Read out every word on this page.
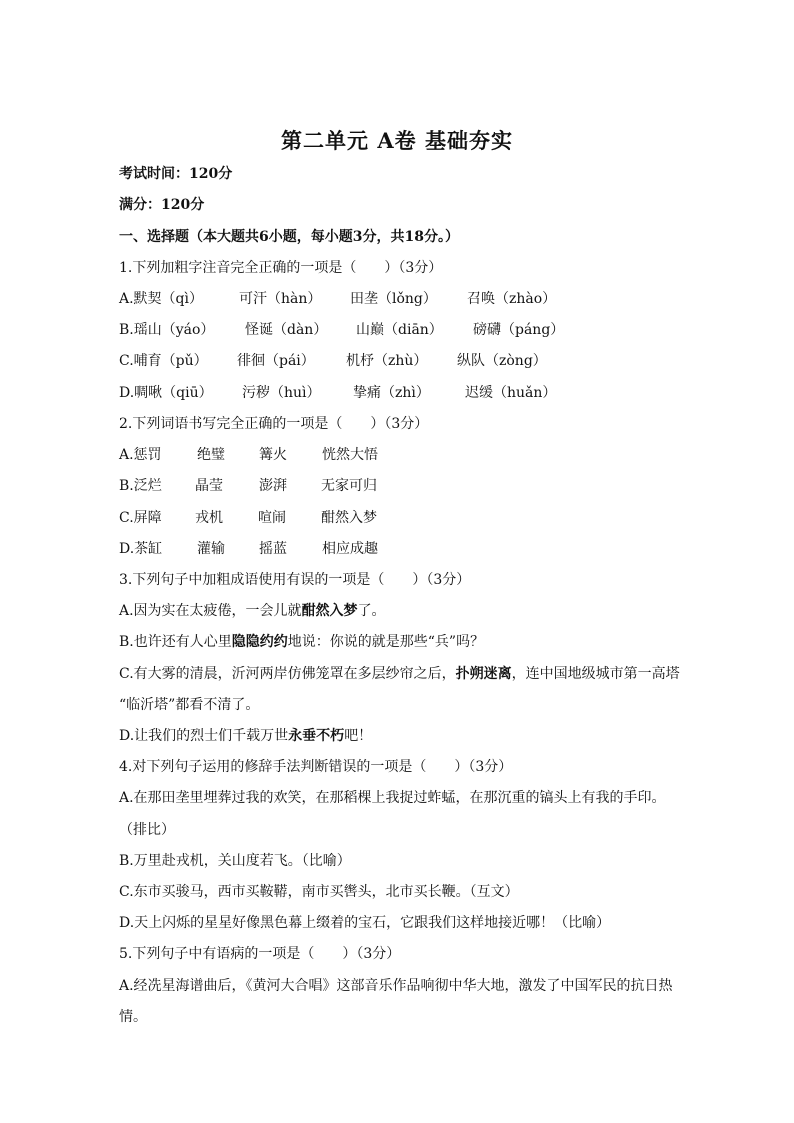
第二单元 A卷 基础夯实
考试时间：120分
满分：120分
一、选择题（本大题共6小题，每小题3分，共18分。）
1.下列加粗字注音完全正确的一项是（　　）（3分）
A.默契（qì）	可汗（hàn） 田垄（lǒng） 召唤（zhào）
B.瑶山（yáo） 怪诞（dàn） 山巅（diān） 磅礴（páng）
C.哺育（pǔ） 徘徊（pái） 机杼（zhù） 纵队（zòng）
D.啁啾（qiū） 污秽（huì） 挚痛（zhì）	迟缓（huǎn）
2.下列词语书写完全正确的一项是（　　）（3分）
A.惩罚	绝璧 篝火	恍然大悟
B.泛烂 晶莹	澎湃 无家可归
C.屏障 戎机	喧闹	酣然入梦
D.茶缸 灌输 摇蓝	相应成趣
3.下列句子中加粗成语使用有误的一项是（　　）（3分）
A.因为实在太疲倦，一会儿就酣然入梦了。
B.也许还有人心里隐隐约约地说：你说的就是那些“兵”吗？
C.有大雾的清晨，沂河两岸仿佛笼罩在多层纱帘之后，扑朔迷离，连中国地级城市第一高塔
“临沂塔”都看不清了。
D.让我们的烈士们千载万世永垂不朽吧！
4.对下列句子运用的修辞手法判断错误的一项是（　　）（3分）
A.在那田垄里埋葬过我的欢笑，在那稻棵上我捉过蚱蜢，在那沉重的镐头上有我的手印。
（排比）
B.万里赴戎机，关山度若飞。（比喻）
C.东市买骏马，西市买鞍鞯，南市买辔头，北市买长鞭。（互文）
D.天上闪烁的星星好像黑色幕上缀着的宝石，它跟我们这样地接近哪！（比喻）
5.下列句子中有语病的一项是（　　）（3分）
A.经冼星海谱曲后，《黄河大合唱》这部音乐作品响彻中华大地，激发了中国军民的抗日热
情。
